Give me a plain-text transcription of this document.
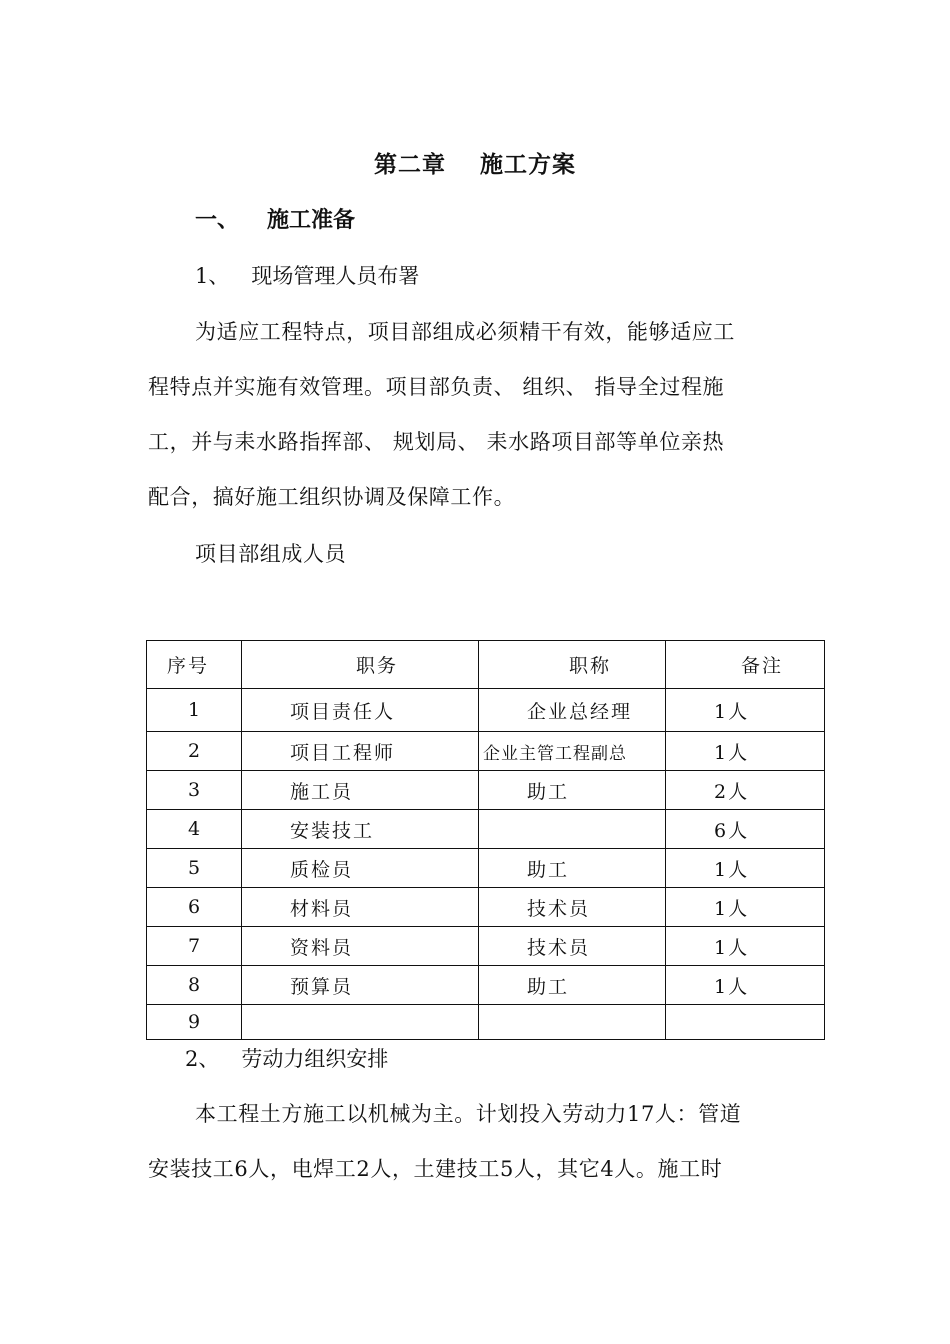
第二章 施工方案
一、 施工准备
1、 现场管理人员布署
为适应工程特点，项目部组成必须精干有效，能够适应工
程特点并实施有效管理。项目部负责、 组织、 指导全过程施
工，并与耒水路指挥部、 规划局、 耒水路项目部等单位亲热
配合，搞好施工组织协调及保障工作。
项目部组成人员
序号	职务	职称	备注
1	项目责任人	企业总经理	1人
2	项目工程师	企业主管工程副总	1人
3	施工员	助工	2人
4	安装技工		6人
5	质检员	助工	1人
6	材料员	技术员	1人
7	资料员	技术员	1人
8	预算员	助工	1人
9			
2、 劳动力组织安排
本工程土方施工以机械为主。计划投入劳动力17人：管道
安装技工6人，电焊工2人，土建技工5人，其它4人。施工时
